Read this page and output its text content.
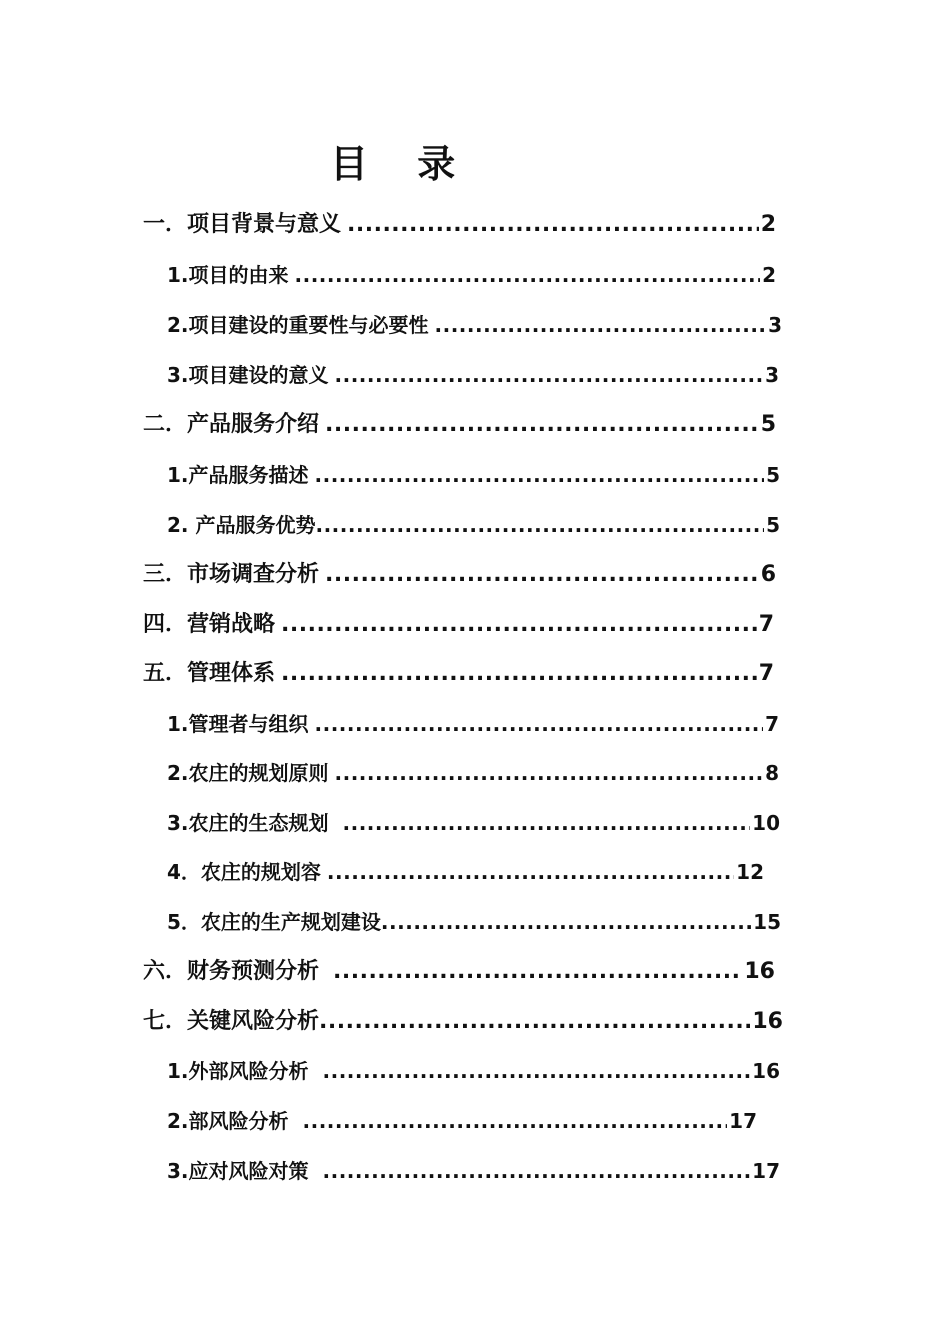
目 录
一．项目背景与意义 .....	2
1.项目的由来 .....	2
2.项目建设的重要性与必要性 .....	3
3.项目建设的意义 .....	3
二．产品服务介绍 .....	5
1.产品服务描述 .....	5
2. 产品服务优势 .....	5
三．市场调查分析 .....	6
四．营销战略 .....	7
五．管理体系 .....	7
1.管理者与组织 .....	7
2.农庄的规划原则 .....	8
3.农庄的生态规划 .....	10
4．农庄的规划容 .....	12
5．农庄的生产规划建设 .....	15
六．财务预测分析 .....	16
七．关键风险分析 .....	16
1.外部风险分析 .....	16
2.部风险分析 .....	17
3.应对风险对策 .....	17
